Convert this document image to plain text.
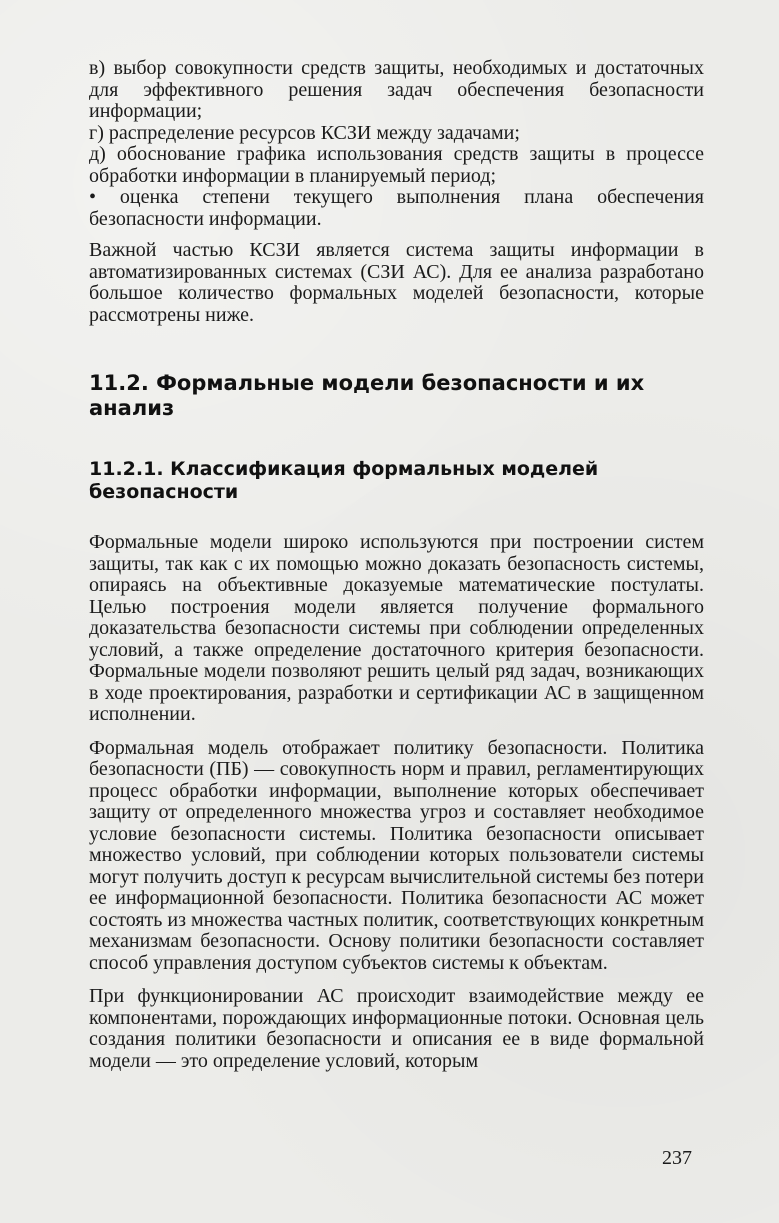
в) выбор совокупности средств защиты, необходимых и достаточных для эффективного решения задач обеспечения безопасности информации;

г) распределение ресурсов КСЗИ между задачами;

д) обоснование графика использования средств защиты в процессе обработки информации в планируемый период;

• оценка степени текущего выполнения плана обеспечения безопасности информации.

Важной частью КСЗИ является система защиты информации в автоматизированных системах (СЗИ АС). Для ее анализа разработано большое количество формальных моделей безопасности, которые рассмотрены ниже.

11.2. Формальные модели безопасности и их анализ
11.2.1. Классификация формальных моделей безопасности

Формальные модели широко используются при построении систем защиты, так как с их помощью можно доказать безопасность системы, опираясь на объективные доказуемые математические постулаты. Целью построения модели является получение формального доказательства безопасности системы при соблюдении определенных условий, а также определение достаточного критерия безопасности. Формальные модели позволяют решить целый ряд задач, возникающих в ходе проектирования, разработки и сертификации АС в защищенном исполнении.

Формальная модель отображает политику безопасности. Политика безопасности (ПБ) — совокупность норм и правил, регламентирующих процесс обработки информации, выполнение которых обеспечивает защиту от определенного множества угроз и составляет необходимое условие безопасности системы. Политика безопасности описывает множество условий, при соблюдении которых пользователи системы могут получить доступ к ресурсам вычислительной системы без потери ее информационной безопасности. Политика безопасности АС может состоять из множества частных политик, соответствующих конкретным механизмам безопасности. Основу политики безопасности составляет способ управления доступом субъектов системы к объектам.

При функционировании АС происходит взаимодействие между ее компонентами, порождающих информационные потоки. Основная цель создания политики безопасности и описания ее в виде формальной модели — это определение условий, которым

237
